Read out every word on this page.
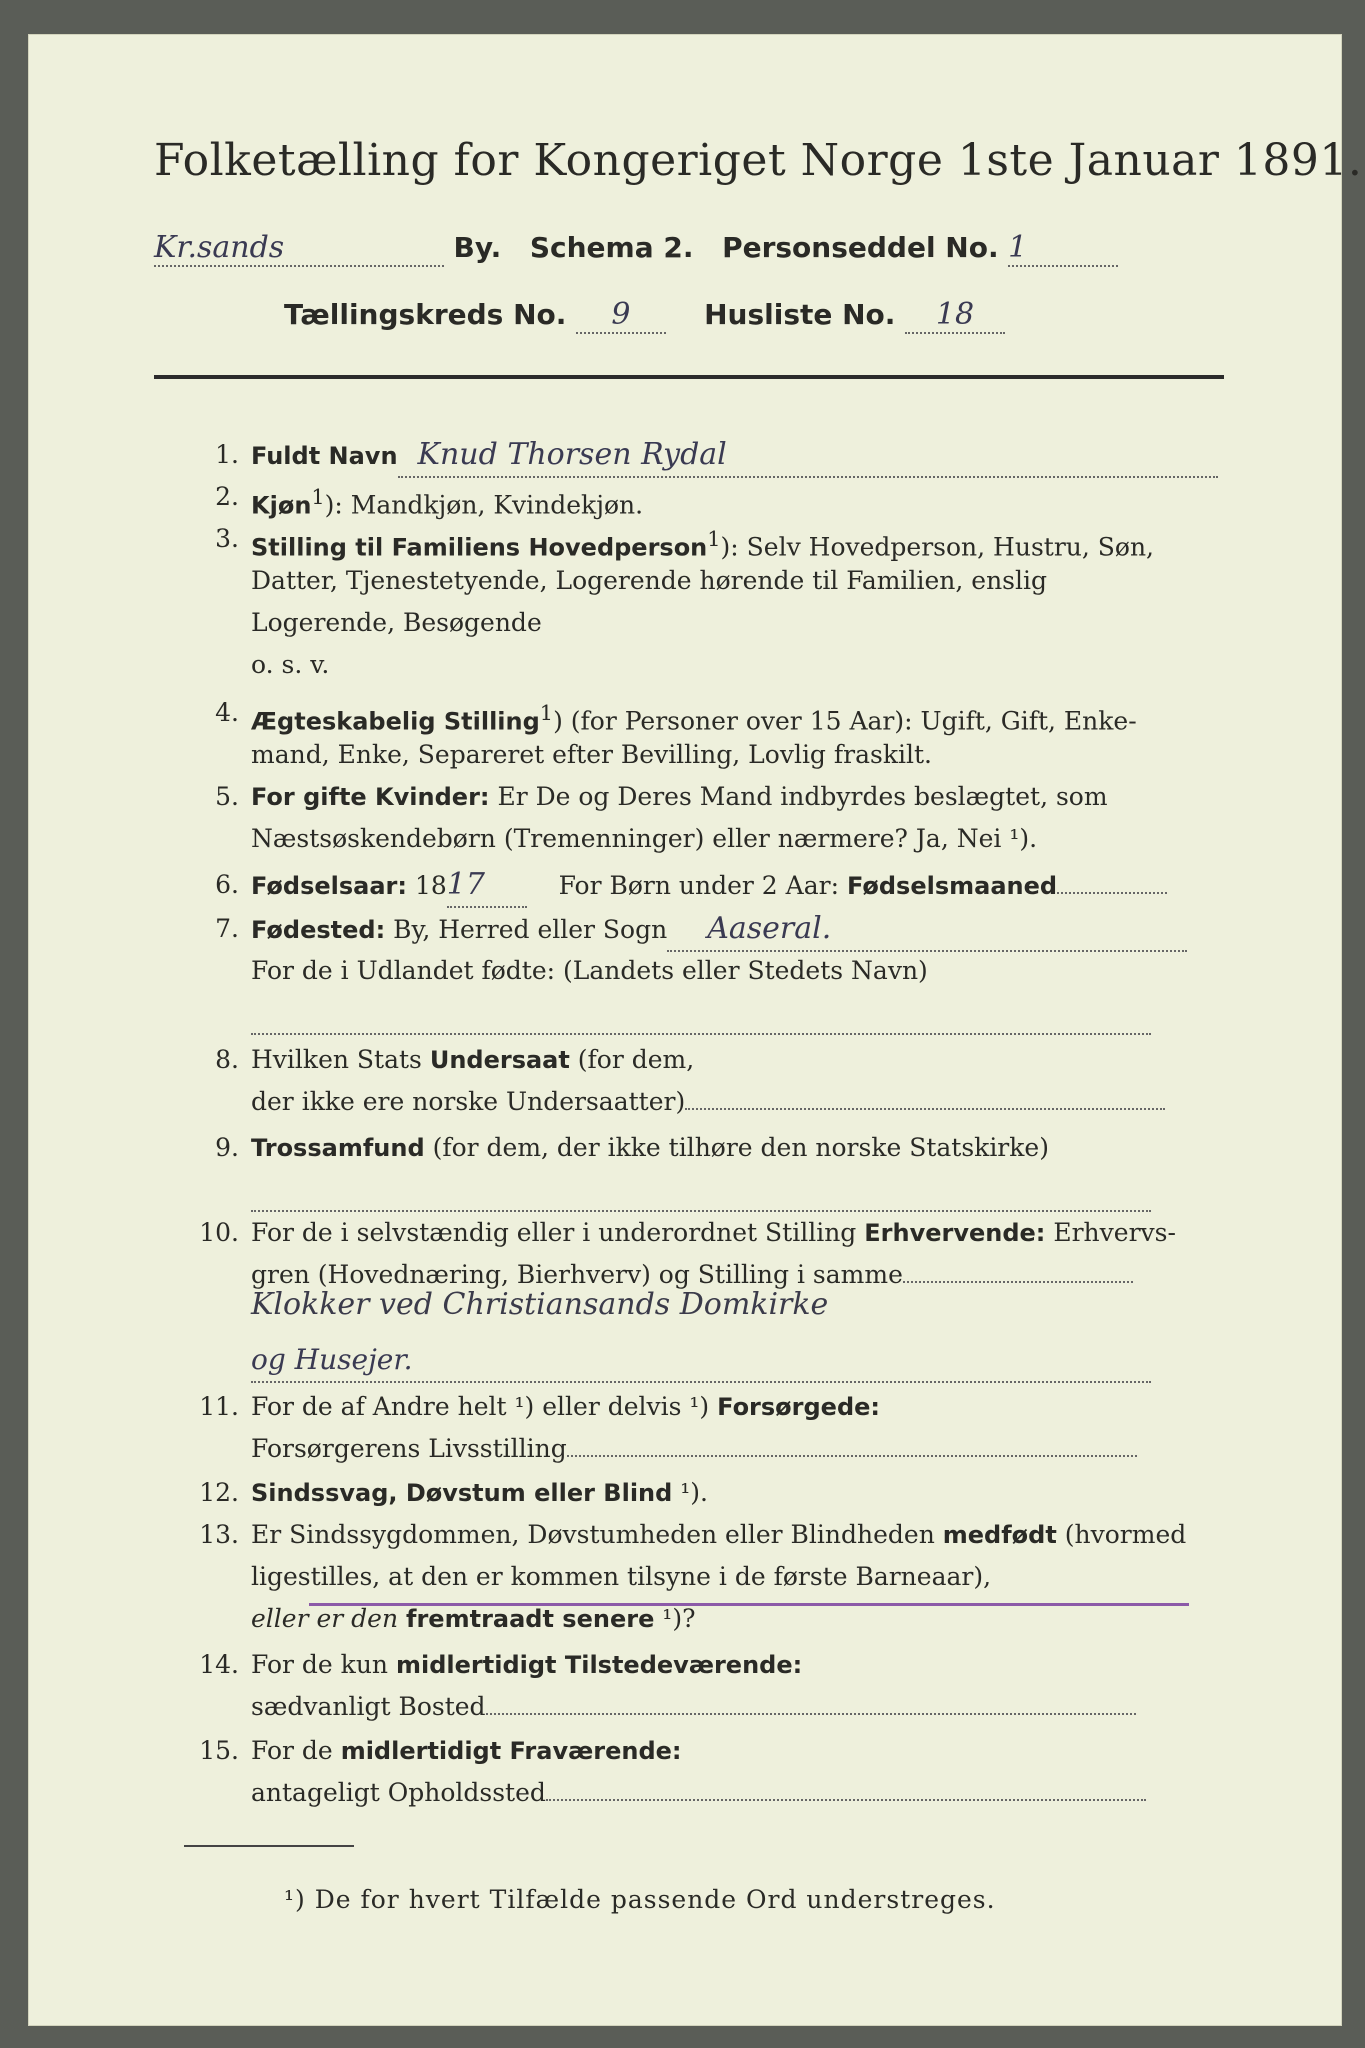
Folketælling for Kongeriget Norge 1ste Januar 1891.
Kr.sands	By. Schema 2. Personseddel No. 1
Tællingskreds No. 9	Husliste No. 18
1. Fuldt Navn Knud Thorsen Rydal
2. Kjøn$^1$): Mandkjøn, Kvindekjøn.
3. Stilling til Familiens Hovedperson$^1$): Selv Hovedperson, Hustru, Søn,
Datter, Tjenestetyende, Logerende hørende til Familien, enslig
Logerende, Besøgende
o. s. v.
4. Ægteskabelig Stilling$^1$) (for Personer over 15 Aar): Ugift, Gift, Enke-
mand, Enke, Separeret efter Bevilling, Lovlig fraskilt.
5. For gifte Kvinder: Er De og Deres Mand indbyrdes beslægtet, som
Næstsøskendebørn (Tremenninger) eller nærmere? Ja, Nei ¹).
6. Fødselsaar: 1817	For Børn under 2 Aar: Fødselsmaaned
7. Fødested: By, Herred eller Sogn Aaseral.
For de i Udlandet fødte: (Landets eller Stedets Navn)

8. Hvilken Stats Undersaat (for dem,
der ikke ere norske Undersaatter)
9. Trossamfund (for dem, der ikke tilhøre den norske Statskirke)

10. For de i selvstændig eller i underordnet Stilling Erhvervende: Erhvervs-
gren (Hovednæring, Bierhverv) og Stilling i samme
Klokker ved Christiansands Domkirke
og Husejer.
11. For de af Andre helt ¹) eller delvis ¹) Forsørgede:
Forsørgerens Livsstilling
12. Sindssvag, Døvstum eller Blind ¹).
13. Er Sindssygdommen, Døvstumheden eller Blindheden medfødt (hvormed
ligestilles, at den er kommen tilsyne i de første Barneaar),
eller er den fremtraadt senere ¹)?
14. For de kun midlertidigt Tilstedeværende:
sædvanligt Bosted
15. For de midlertidigt Fraværende:
antageligt Opholdssted
¹) De for hvert Tilfælde passende Ord understreges.
